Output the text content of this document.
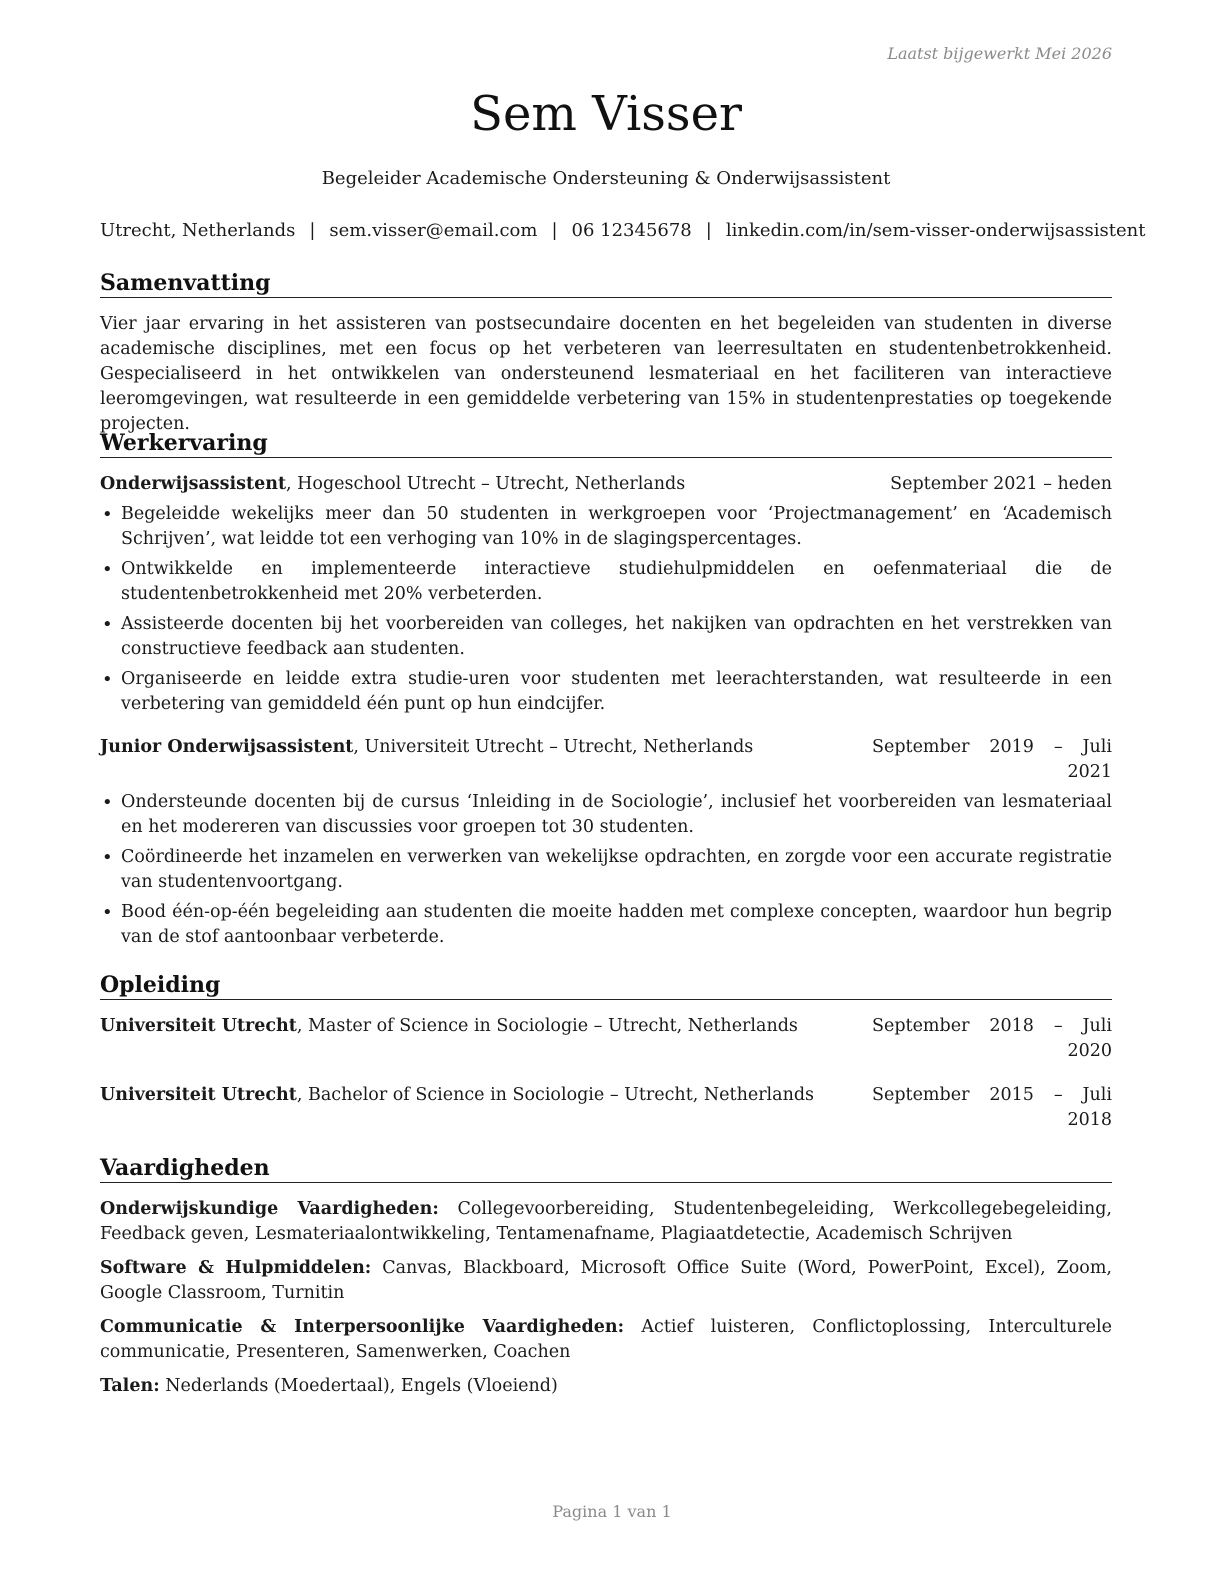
Laatst bijgewerkt Mei 2026
Sem Visser
Begeleider Academische Ondersteuning & Onderwijsassistent
Utrecht, Netherlands | sem.visser@email.com | 06 12345678 | linkedin.com/in/sem-visser-onderwijsassistent
Samenvatting

Vier jaar ervaring in het assisteren van postsecundaire docenten en het begeleiden van studenten in diverse academische disciplines, met een focus op het verbeteren van leerresultaten en studentenbetrokkenheid. Gespecialiseerd in het ontwikkelen van ondersteunend lesmateriaal en het faciliteren van interactieve leeromgevingen, wat resulteerde in een gemiddelde verbetering van 15% in studentenprestaties op toegekende projecten.

Werkervaring
Onderwijsassistent, Hogeschool Utrecht – Utrecht, Netherlands	September 2021 – heden
• Begeleidde wekelijks meer dan 50 studenten in werkgroepen voor ‘Projectmanagement’ en ‘Academisch Schrijven’, wat leidde tot een verhoging van 10% in de slagingspercentages.
• Ontwikkelde en implementeerde interactieve studiehulpmiddelen en oefenmateriaal die de studentenbetrokkenheid met 20% verbeterden.
• Assisteerde docenten bij het voorbereiden van colleges, het nakijken van opdrachten en het verstrekken van constructieve feedback aan studenten.
• Organiseerde en leidde extra studie-uren voor studenten met leerachterstanden, wat resulteerde in een verbetering van gemiddeld één punt op hun eindcijfer.
Junior Onderwijsassistent, Universiteit Utrecht – Utrecht, Netherlands	September 2019 – Juli
2021
• Ondersteunde docenten bij de cursus ‘Inleiding in de Sociologie’, inclusief het voorbereiden van lesmateriaal en het modereren van discussies voor groepen tot 30 studenten.
• Coördineerde het inzamelen en verwerken van wekelijkse opdrachten, en zorgde voor een accurate registratie van studentenvoortgang.
• Bood één-op-één begeleiding aan studenten die moeite hadden met complexe concepten, waardoor hun begrip van de stof aantoonbaar verbeterde.
Opleiding
Universiteit Utrecht, Master of Science in Sociologie – Utrecht, Netherlands	September 2018 – Juli
2020
Universiteit Utrecht, Bachelor of Science in Sociologie – Utrecht, Netherlands	September 2015 – Juli
2018
Vaardigheden
Onderwijskundige Vaardigheden: Collegevoorbereiding, Studentenbegeleiding, Werkcollegebegeleiding, Feedback geven, Lesmateriaalontwikkeling, Tentamenafname, Plagiaatdetectie, Academisch Schrijven
Software & Hulpmiddelen: Canvas, Blackboard, Microsoft Office Suite (Word, PowerPoint, Excel), Zoom, Google Classroom, Turnitin
Communicatie & Interpersoonlijke Vaardigheden: Actief luisteren, Conflictoplossing, Interculturele communicatie, Presenteren, Samenwerken, Coachen
Talen: Nederlands (Moedertaal), Engels (Vloeiend)
Pagina 1 van 1
